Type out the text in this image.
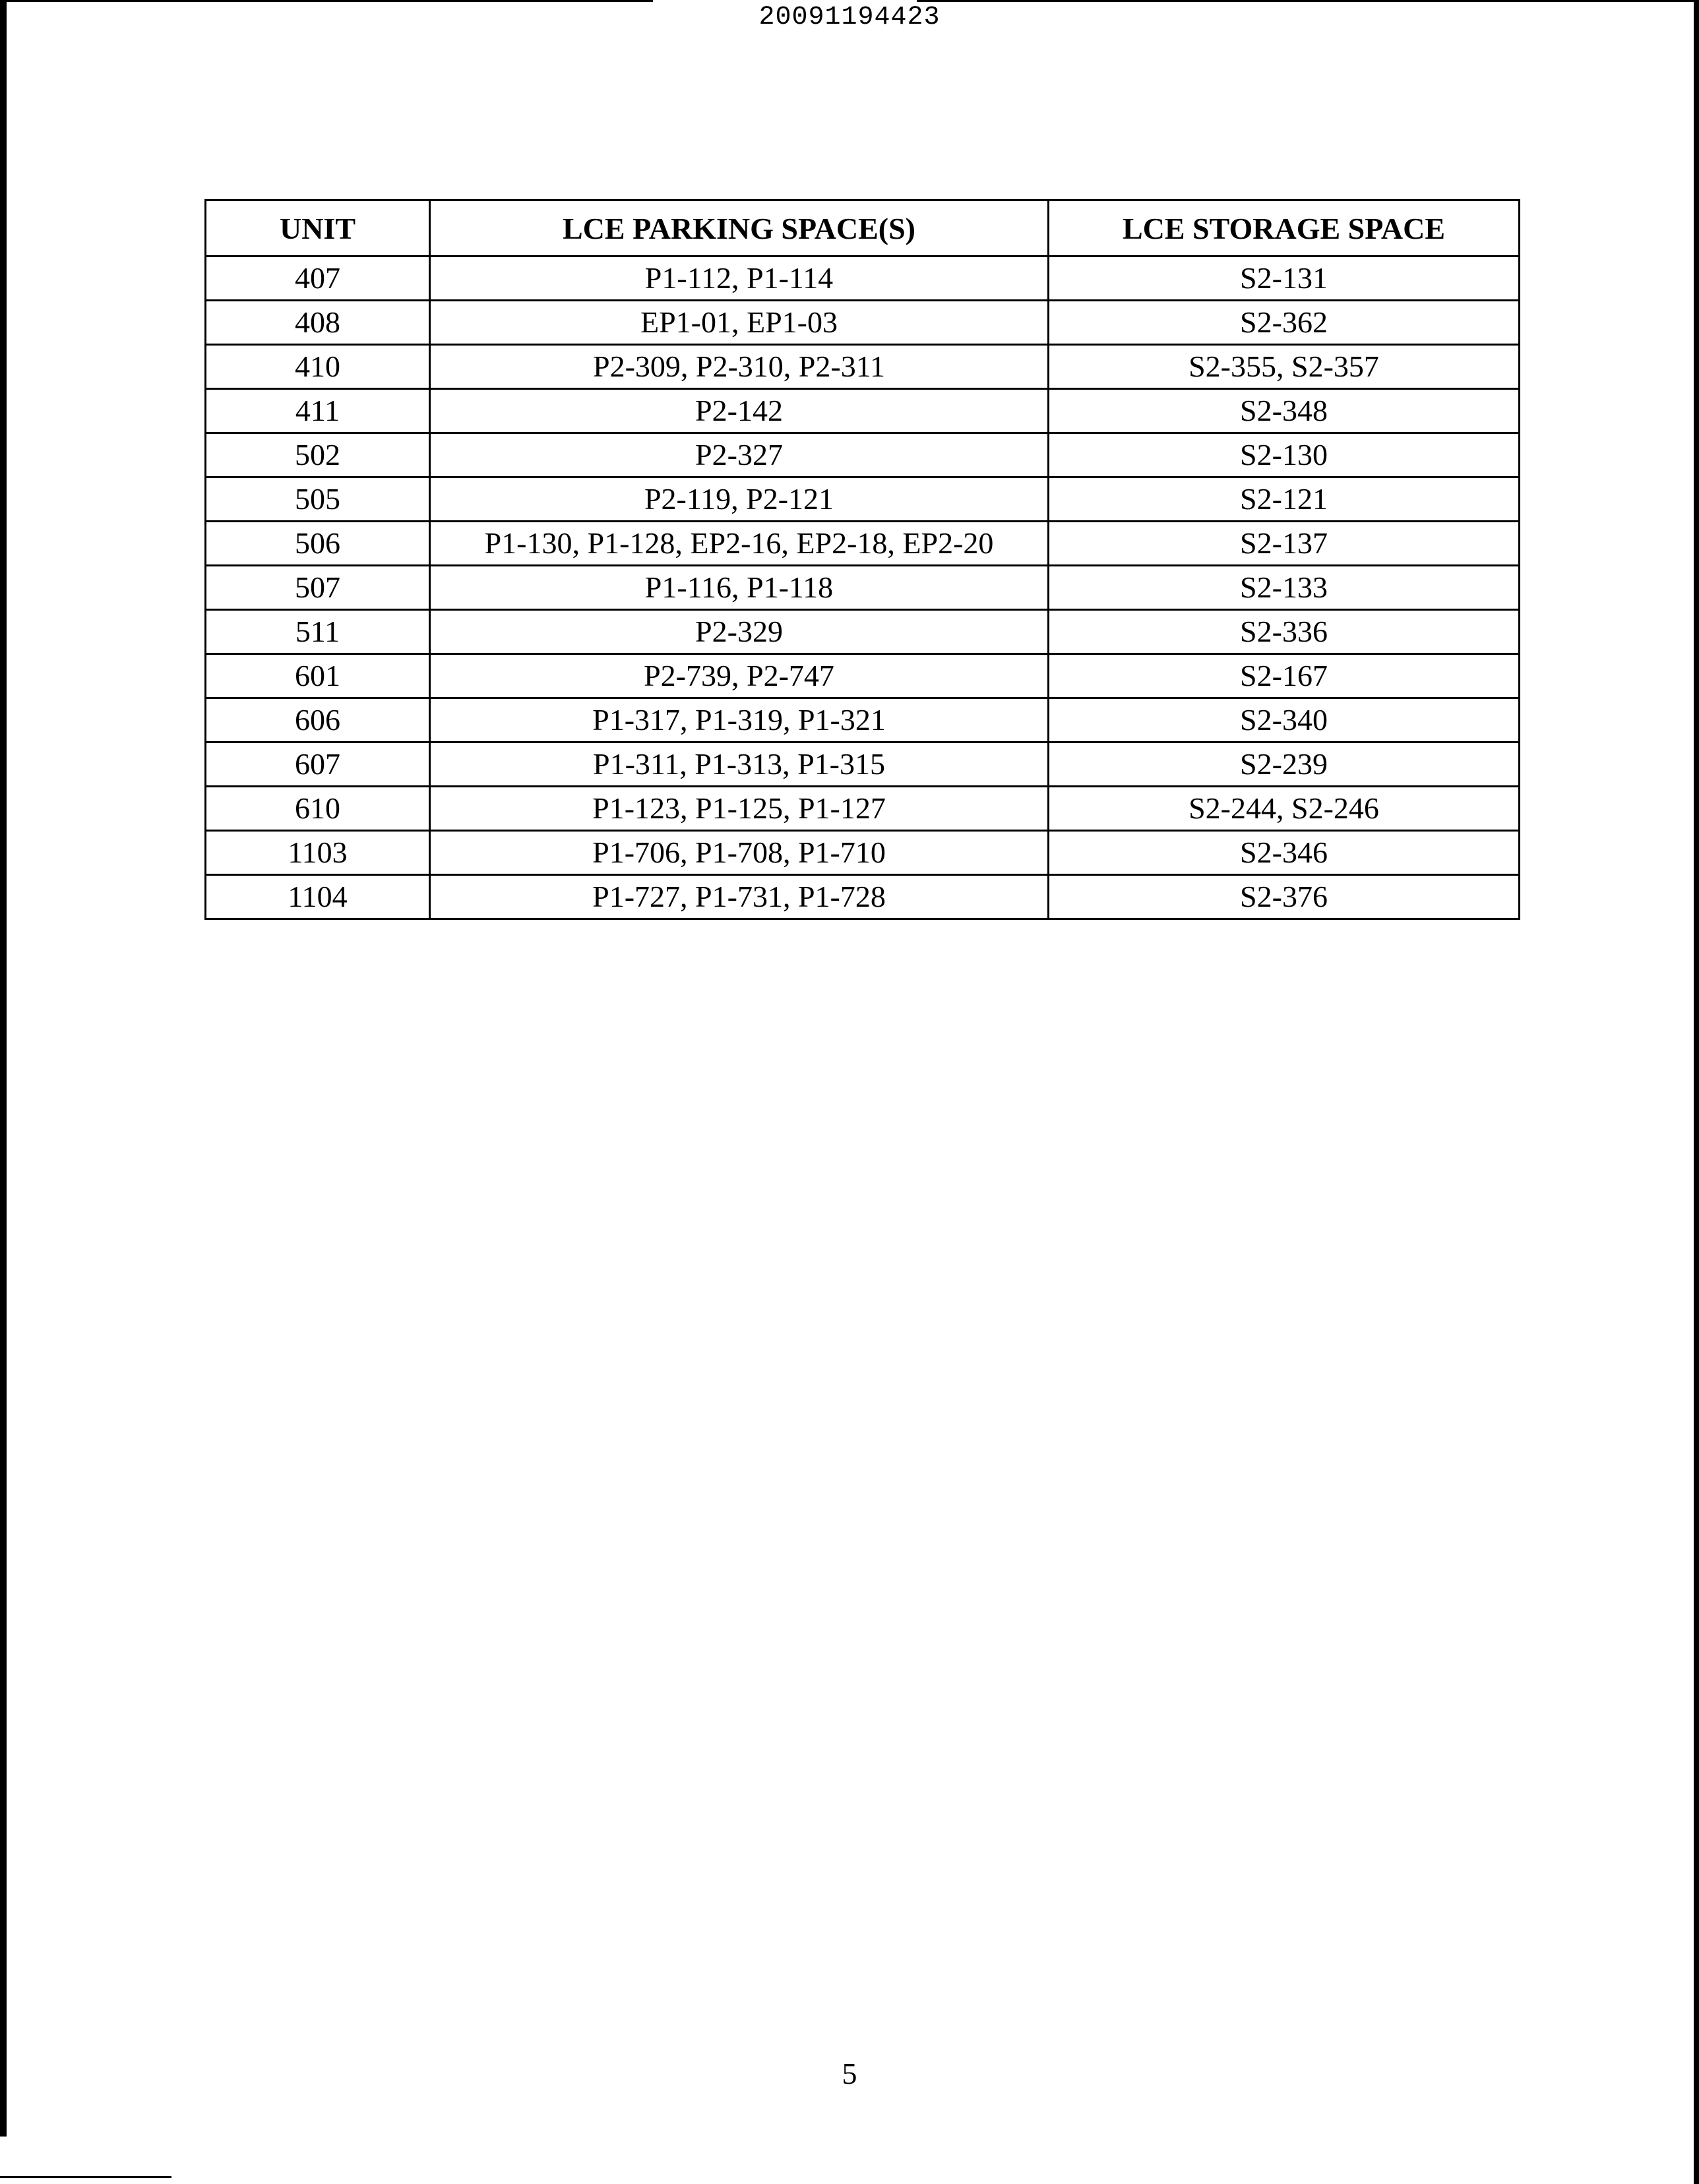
20091194423
UNIT	LCE PARKING SPACE(S)	LCE STORAGE SPACE
407	P1-112, P1-114	S2-131
408	EP1-01, EP1-03	S2-362
410	P2-309, P2-310, P2-311	S2-355, S2-357
411	P2-142	S2-348
502	P2-327	S2-130
505	P2-119, P2-121	S2-121
506	P1-130, P1-128, EP2-16, EP2-18, EP2-20	S2-137
507	P1-116, P1-118	S2-133
511	P2-329	S2-336
601	P2-739, P2-747	S2-167
606	P1-317, P1-319, P1-321	S2-340
607	P1-311, P1-313, P1-315	S2-239
610	P1-123, P1-125, P1-127	S2-244, S2-246
1103	P1-706, P1-708, P1-710	S2-346
1104	P1-727, P1-731, P1-728	S2-376
5
